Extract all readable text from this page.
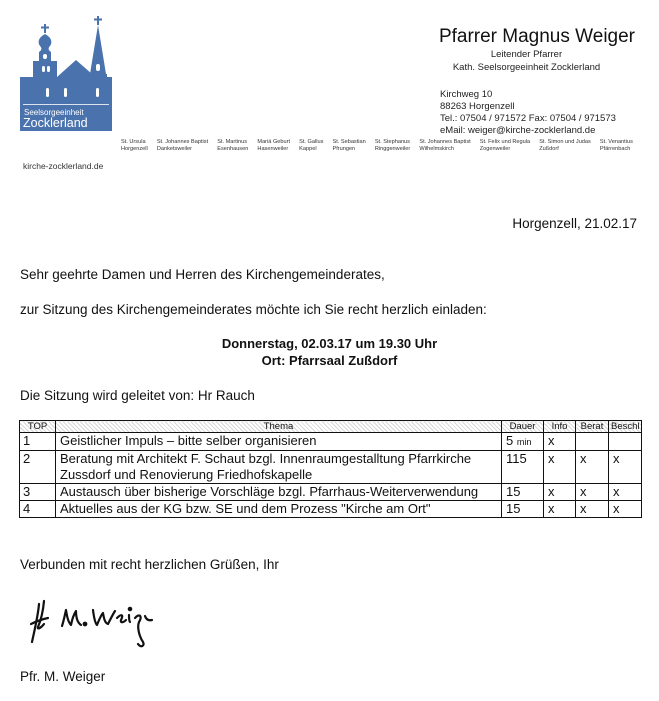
Seelsorgeeinheit
Zocklerland
kirche-zocklerland.de
St. Ursula
Horgenzell
St. Johannes Baptist
Danketsweiler
St. Martinus
Esenhausen
Mariä Geburt
Hasenweiler
St. Gallus
Kappel
St. Sebastian
Pfrungen
St. Stephanus
Ringgenweiler
St. Johannes Baptist
Wilhelmskirch
St. Felix und Regula
Zogenweiler
St. Simon und Judas
Zußdorf
St. Venantius
Pfärrenbach
Pfarrer Magnus Weiger
Leitender Pfarrer
Kath. Seelsorgeeinheit Zocklerland
Kirchweg 10
88263 Horgenzell
Tel.: 07504 / 971572 Fax: 07504 / 971573
eMail: weiger@kirche-zocklerland.de
Horgenzell, 21.02.17
Sehr geehrte Damen und Herren des Kirchengemeinderates,
zur Sitzung des Kirchengemeinderates möchte ich Sie recht herzlich einladen:
Donnerstag, 02.03.17 um 19.30 Uhr
Ort: Pfarrsaal Zußdorf
Die Sitzung wird geleitet von: Hr Rauch
TOP	Thema	Dauer	Info	Berat	Beschl
1	Geistlicher Impuls – bitte selber organisieren	5 min	x		
2	Beratung mit Architekt F. Schaut bzgl. Innenraumgestalltung Pfarrkirche Zussdorf und Renovierung Friedhofskapelle	115	x	x	x
3	Austausch über bisherige Vorschläge bzgl. Pfarrhaus-Weiterverwendung	15	x	x	x
4	Aktuelles aus der KG bzw. SE und dem Prozess "Kirche am Ort"	15	x	x	x
Verbunden mit recht herzlichen Grüßen, Ihr
Pfr. M. Weiger
